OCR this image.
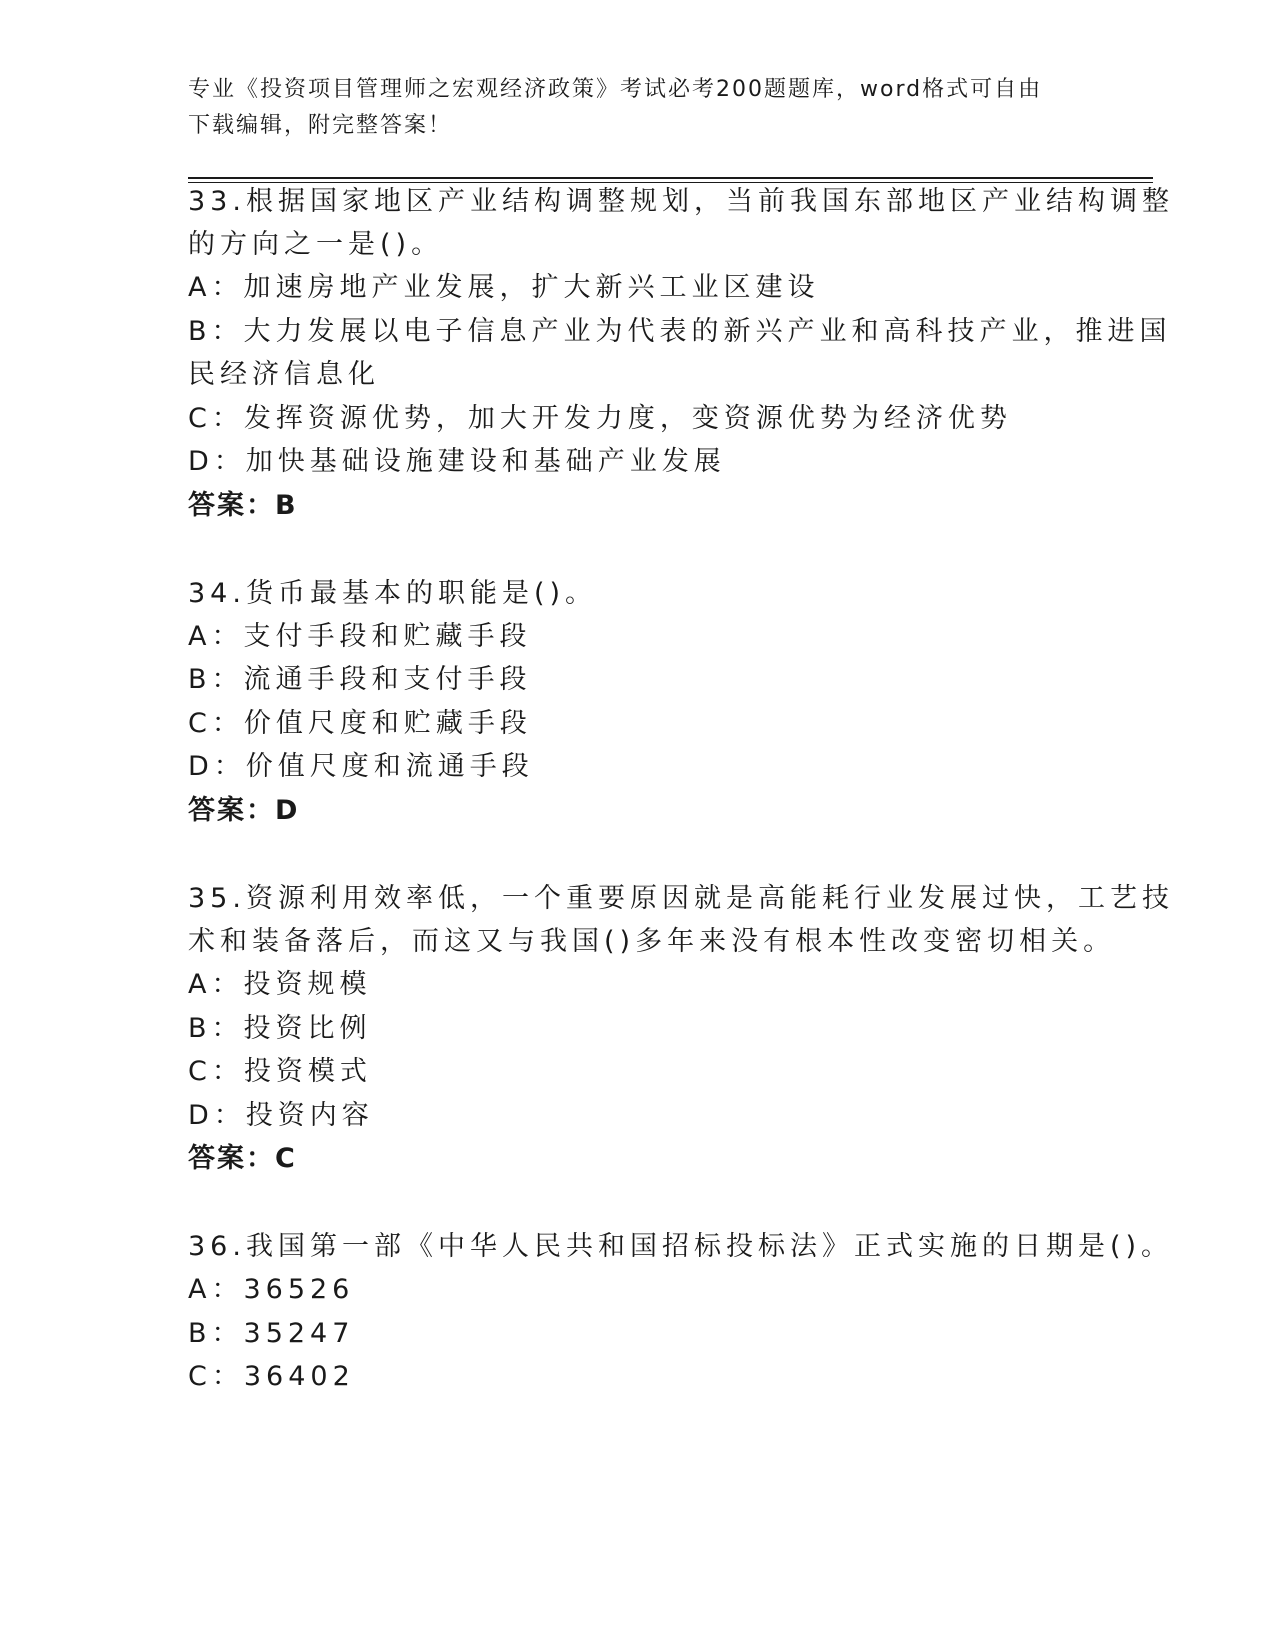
专业《投资项目管理师之宏观经济政策》考试必考200题题库，word格式可自由
下载编辑，附完整答案！
33.根据国家地区产业结构调整规划，当前我国东部地区产业结构调整
的方向之一是()。
A：加速房地产业发展，扩大新兴工业区建设
B：大力发展以电子信息产业为代表的新兴产业和高科技产业，推进国
民经济信息化
C：发挥资源优势，加大开发力度，变资源优势为经济优势
D：加快基础设施建设和基础产业发展
答案：B
34.货币最基本的职能是()。
A：支付手段和贮藏手段
B：流通手段和支付手段
C：价值尺度和贮藏手段
D：价值尺度和流通手段
答案：D
35.资源利用效率低，一个重要原因就是高能耗行业发展过快，工艺技
术和装备落后，而这又与我国()多年来没有根本性改变密切相关。
A：投资规模
B：投资比例
C：投资模式
D：投资内容
答案：C
36.我国第一部《中华人民共和国招标投标法》正式实施的日期是()。
A：36526
B：35247
C：36402
